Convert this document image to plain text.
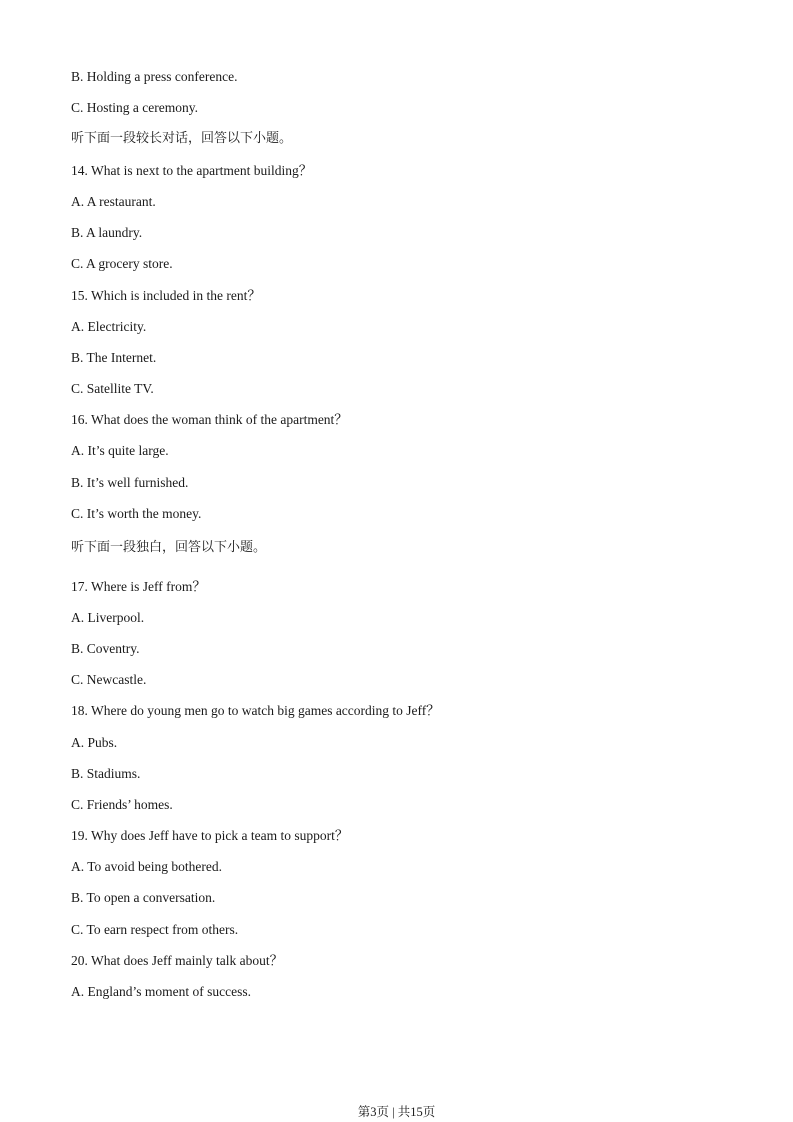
B. Holding a press conference.
C. Hosting a ceremony.
听下面一段较长对话，回答以下小题。
14. What is next to the apartment building？
A. A restaurant.
B. A laundry.
C. A grocery store.
15. Which is included in the rent？
A. Electricity.
B. The Internet.
C. Satellite TV.
16. What does the woman think of the apartment？
A. It’s quite large.
B. It’s well furnished.
C. It’s worth the money.
听下面一段独白，回答以下小题。
17. Where is Jeff from？
A. Liverpool.
B. Coventry.
C. Newcastle.
18. Where do young men go to watch big games according to Jeff？
A. Pubs.
B. Stadiums.
C. Friends’ homes.
19. Why does Jeff have to pick a team to support？
A. To avoid being bothered.
B. To open a conversation.
C. To earn respect from others.
20. What does Jeff mainly talk about？
A. England’s moment of success.
第3页 | 共15页
